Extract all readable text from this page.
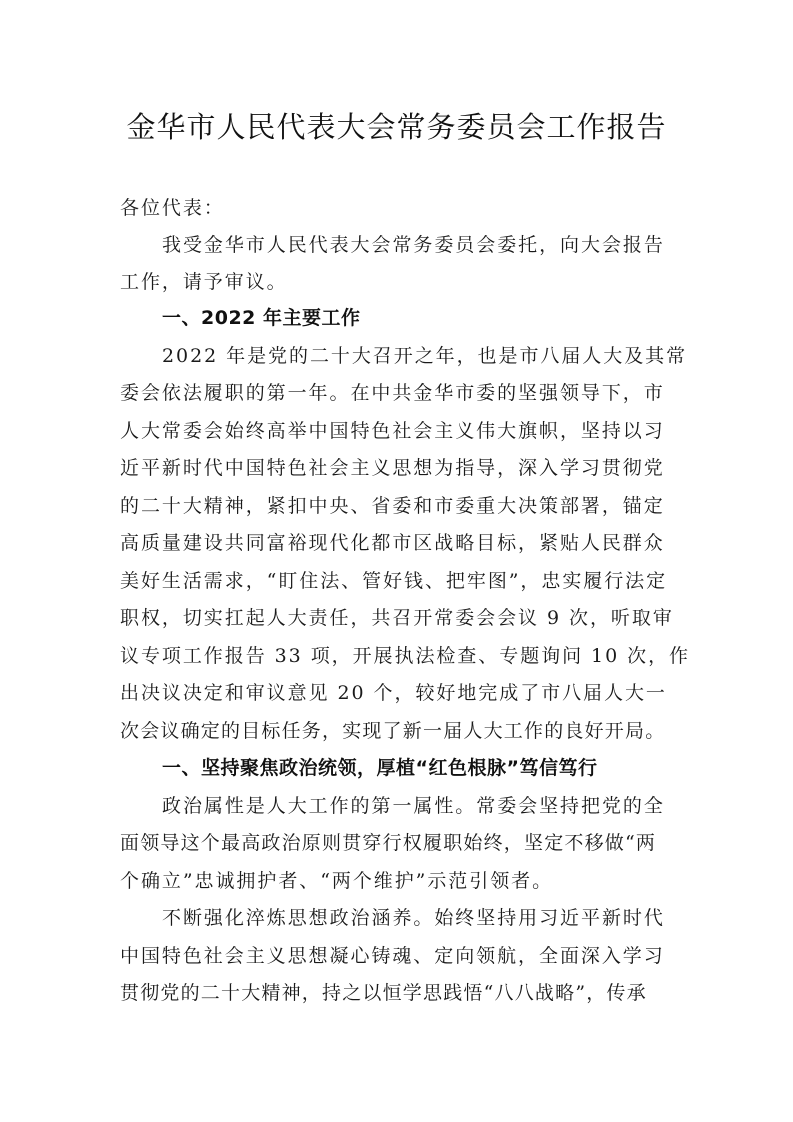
金华市人民代表大会常务委员会工作报告
各位代表：
我受金华市人民代表大会常务委员会委托，向大会报告
工作，请予审议。
一、2022 年主要工作
2022 年是党的二十大召开之年，也是市八届人大及其常
委会依法履职的第一年。在中共金华市委的坚强领导下，市
人大常委会始终高举中国特色社会主义伟大旗帜，坚持以习
近平新时代中国特色社会主义思想为指导，深入学习贯彻党
的二十大精神，紧扣中央、省委和市委重大决策部署，锚定
高质量建设共同富裕现代化都市区战略目标，紧贴人民群众
美好生活需求，“盯住法、管好钱、把牢图”，忠实履行法定
职权，切实扛起人大责任，共召开常委会会议 9 次，听取审
议专项工作报告 33 项，开展执法检查、专题询问 10 次，作
出决议决定和审议意见 20 个，较好地完成了市八届人大一
次会议确定的目标任务，实现了新一届人大工作的良好开局。
一、坚持聚焦政治统领，厚植“红色根脉”笃信笃行
政治属性是人大工作的第一属性。常委会坚持把党的全
面领导这个最高政治原则贯穿行权履职始终，坚定不移做“两
个确立”忠诚拥护者、“两个维护”示范引领者。
不断强化淬炼思想政治涵养。始终坚持用习近平新时代
中国特色社会主义思想凝心铸魂、定向领航，全面深入学习
贯彻党的二十大精神，持之以恒学思践悟“八八战略”，传承
